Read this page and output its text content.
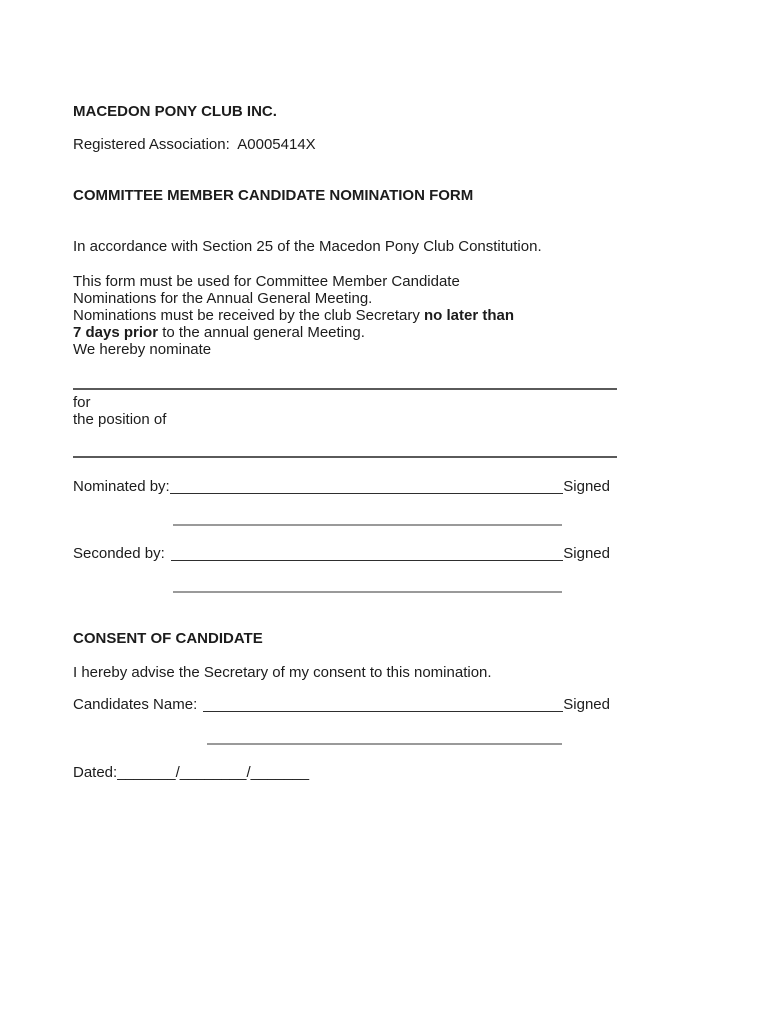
MACEDON PONY CLUB INC.
Registered Association:  A0005414X
COMMITTEE MEMBER CANDIDATE NOMINATION FORM
In accordance with Section 25 of the Macedon Pony Club Constitution.
This form must be used for Committee Member Candidate
Nominations for the Annual General Meeting.
Nominations must be received by the club Secretary no later than
7 days prior to the annual general Meeting.
We hereby nominate
for
the position of
Nominated by:	Signed
Seconded by:	Signed
CONSENT OF CANDIDATE
I hereby advise the Secretary of my consent to this nomination.
Candidates Name:	Signed
Dated:_______/________/_______
